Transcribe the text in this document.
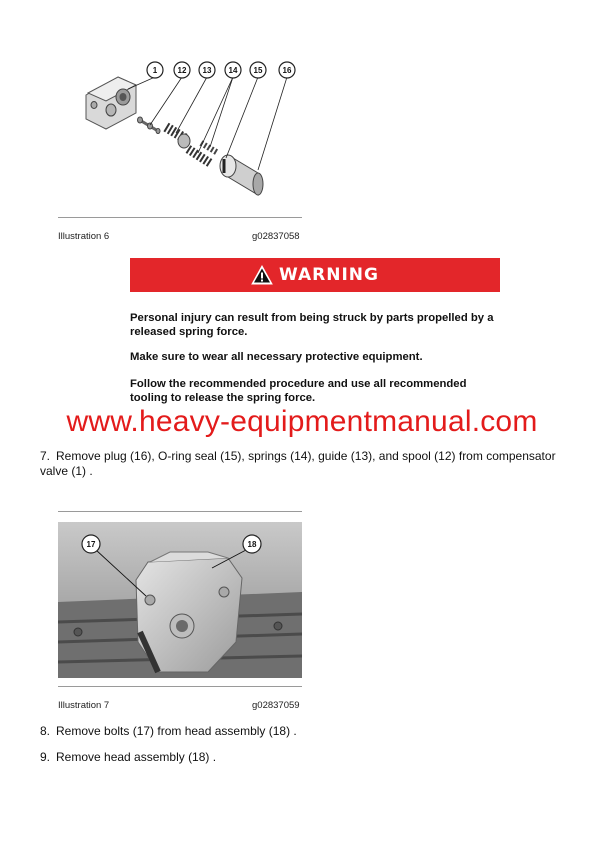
1	12 13 14 15	16
Illustration 6	g02837058
WARNING
Personal injury can result from being struck by parts propelled by a released spring force.
Make sure to wear all necessary protective equipment.
Follow the recommended procedure and use all recommended tooling to release the spring force.
www.heavy-equipmentmanual.com
7. Remove plug (16), O-ring seal (15), springs (14), guide (13), and spool (12) from compensator valve (1) .
17	18
Illustration 7	g02837059
8. Remove bolts (17) from head assembly (18) .
9. Remove head assembly (18) .
